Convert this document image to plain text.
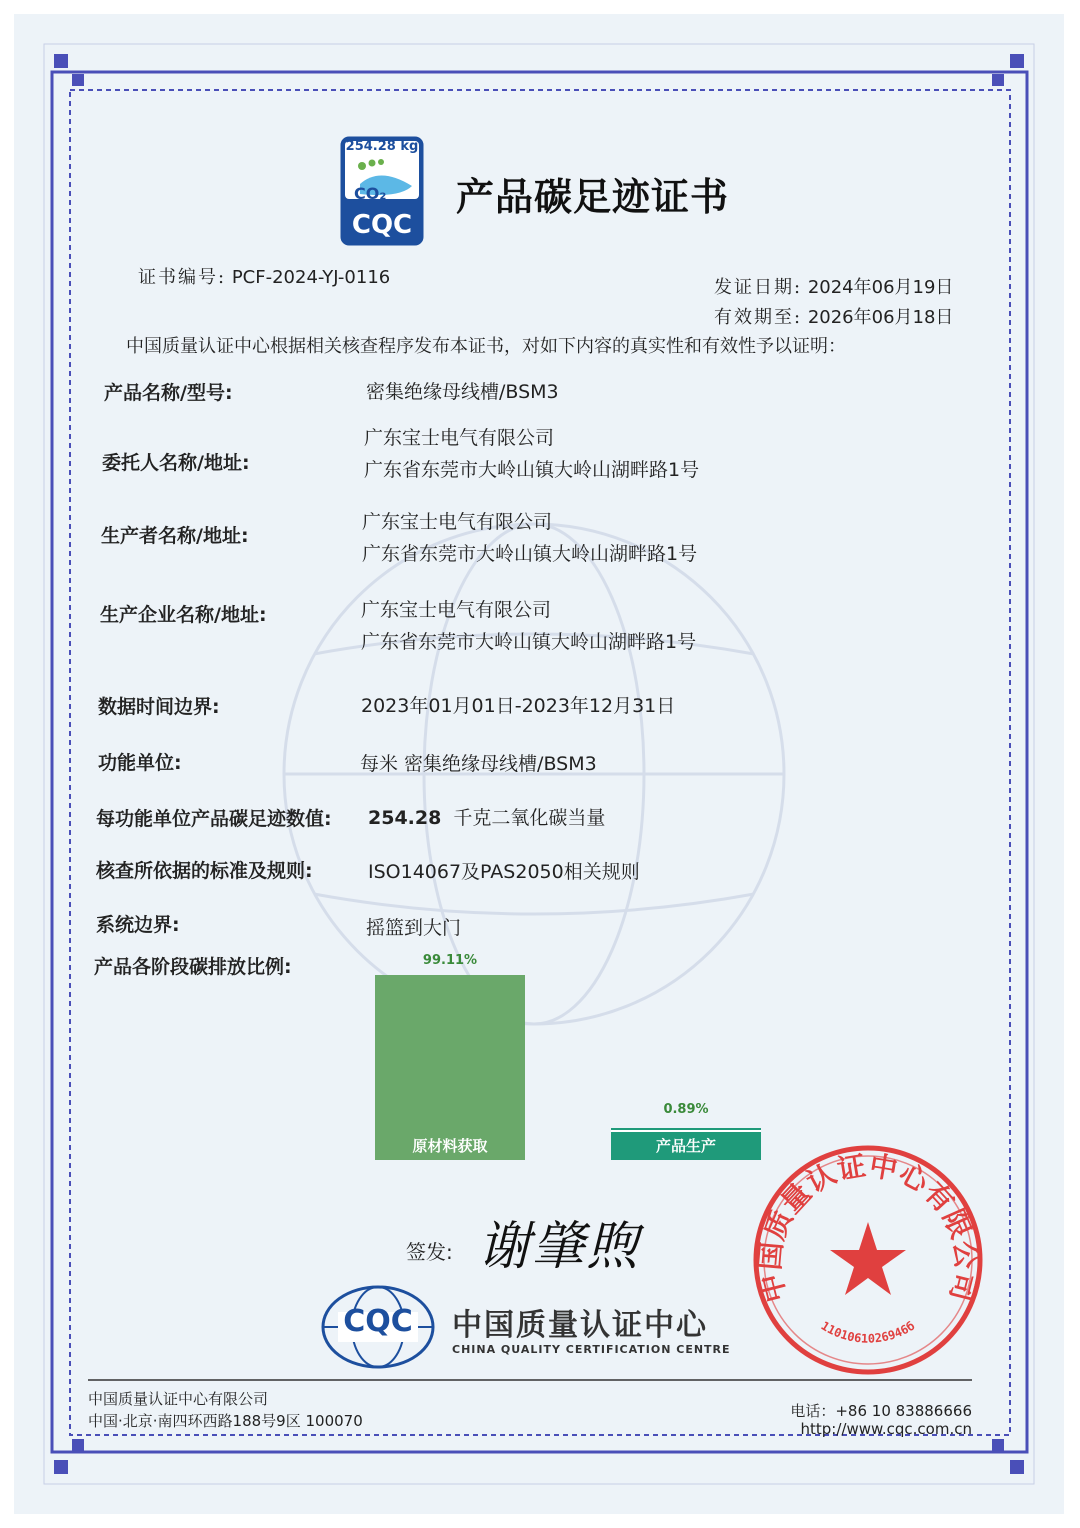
254.28 kg
CO₂
CQC
产品碳足迹证书
证书编号: PCF-2024-YJ-0116	发证日期: 2024年06月19日
有效期至: 2026年06月18日
中国质量认证中心根据相关核查程序发布本证书，对如下内容的真实性和有效性予以证明：
产品名称/型号:	密集绝缘母线槽/BSM3
委托人名称/地址:
广东宝士电气有限公司
广东省东莞市大岭山镇大岭山湖畔路1号
生产者名称/地址:
广东宝士电气有限公司
广东省东莞市大岭山镇大岭山湖畔路1号
生产企业名称/地址:	广东宝士电气有限公司
广东省东莞市大岭山镇大岭山湖畔路1号
数据时间边界:	2023年01月01日-2023年12月31日
功能单位:	每米 密集绝缘母线槽/BSM3
每功能单位产品碳足迹数值: 254.28 千克二氧化碳当量
核查所依据的标准及规则:	ISO14067及PAS2050相关规则
系统边界:	摇篮到大门
产品各阶段碳排放比例:
原材料获取
99.11%
产品生产
0.89%
签发: 谢肇煦
CQC	中国质量认证中心
CHINA QUALITY CERTIFICATION CENTRE
中国质量认证中心有限公司
1101061026946б
中国质量认证中心有限公司
中国·北京·南四环西路188号9区 100070
电话：+86 10 83886666
http://www.cqc.com.cn
